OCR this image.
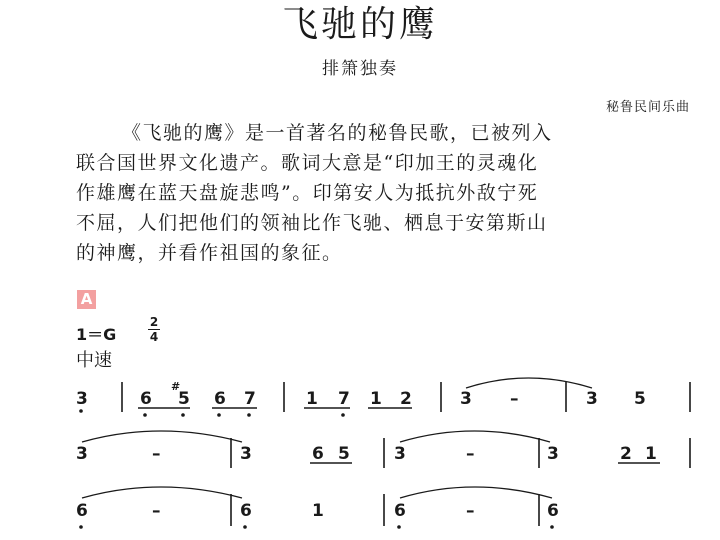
飞驰的鹰
排箫独奏
秘鲁民间乐曲
《飞驰的鹰》是一首著名的秘鲁民歌，已被列入
联合国世界文化遗产。歌词大意是“印加王的灵魂化
作雄鹰在蓝天盘旋悲鸣”。印第安人为抵抗外敌宁死
不屈，人们把他们的领袖比作飞驰、栖息于安第斯山
的神鹰，并看作祖国的象征。
A
1＝G
2
4
中速
3	6
#
5 6 7	1 7 1 2	3 –	3 5
3	–	3	6 5	3	–	3	2 1
6	–	6	1	6	–	6
